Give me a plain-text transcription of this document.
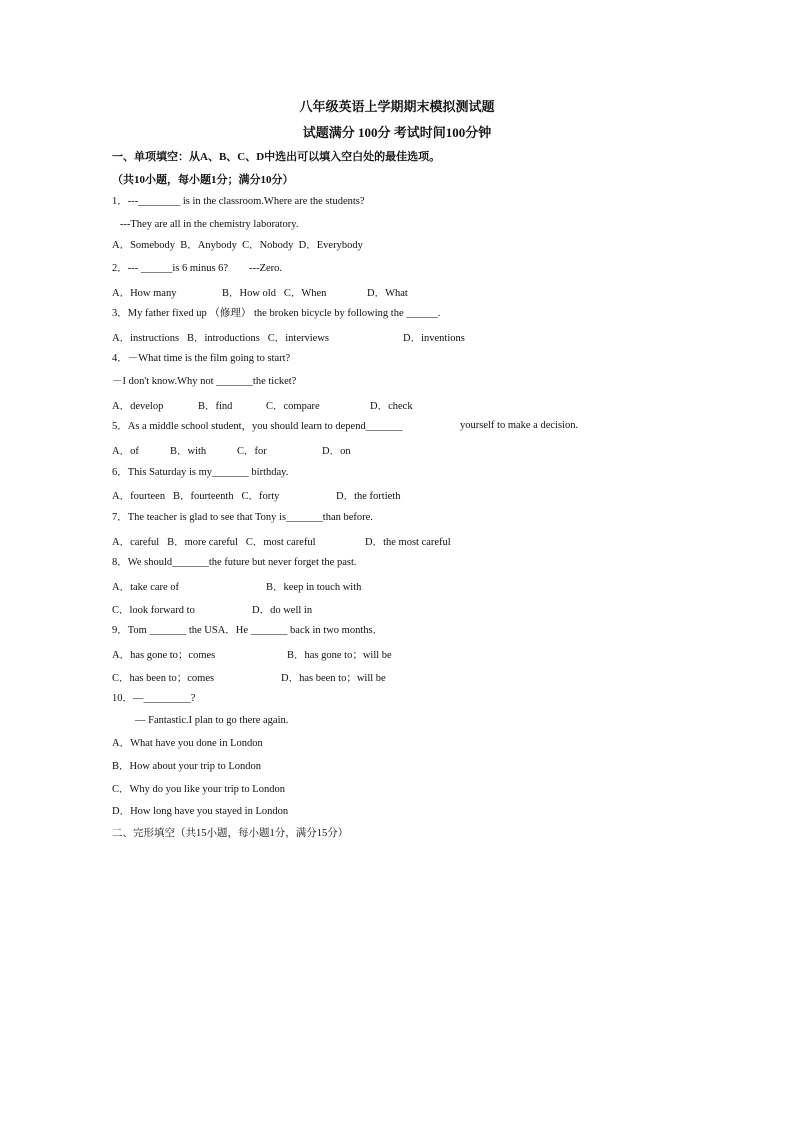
八年级英语上学期期末模拟测试题
试题满分 100分 考试时间100分钟
一、单项填空：从A、B、C、D中选出可以填入空白处的最佳选项。
（共10小题，每小题1分；满分10分）
1．---________ is in the classroom.Where are the students?
---They are all in the chemistry laboratory.
A．Somebody  B．Anybody  C．Nobody  D．Everybody
2．--- ______is 6 minus 6?        ---Zero.
A．How many	B．How old   C．When	D．What
3．My father fixed up （修理） the broken bicycle by following the ______.
A．instructions   B．introductions   C．interviews	D．inventions
4．－What time is the film going to start?
－I don't know.Why not _______the ticket?
A．develop	B．find	C．compare	D．check
5．As a middle school student，you should learn to depend_______	yourself to make a decision.
A．of	B．with	C．for	D．on
6．This Saturday is my_______ birthday.
A．fourteen   B．fourteenth   C．forty	D．the fortieth
7．The teacher is glad to see that Tony is_______than before.
A．careful   B．more careful   C．most careful	D．the most careful
8．We should_______the future but never forget the past.
A．take care of	B．keep in touch with
C．look forward to	D．do well in
9．Tom _______ the USA．He _______ back in two months．
A．has gone to；comes	B．has gone to；will be
C．has been to；comes	D．has been to；will be
10．—_________?
— Fantastic.I plan to go there again.
A．What have you done in London
B．How about your trip to London
C．Why do you like your trip to London
D．How long have you stayed in London
二、完形填空（共15小题，每小题1分，满分15分）
